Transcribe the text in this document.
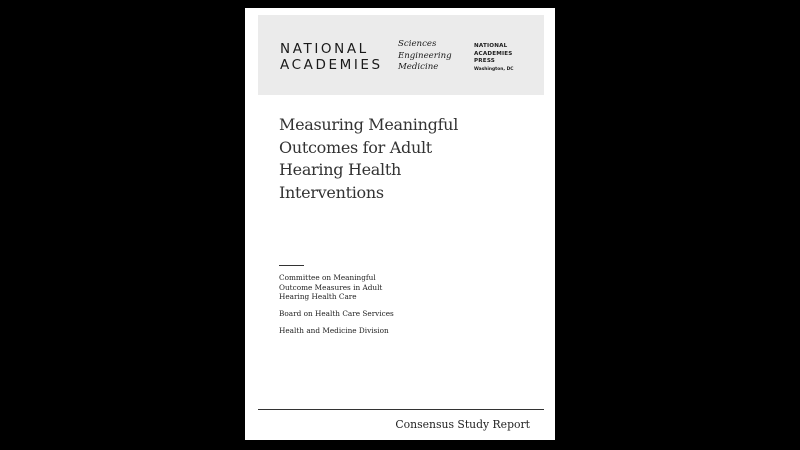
NATIONAL
ACADEMIES
Sciences
Engineering
Medicine
NATIONAL
ACADEMIES
PRESS
Washington, DC
Measuring Meaningful
Outcomes for Adult
Hearing Health
Interventions
Committee on Meaningful
Outcome Measures in Adult
Hearing Health Care
Board on Health Care Services
Health and Medicine Division
Consensus Study Report
